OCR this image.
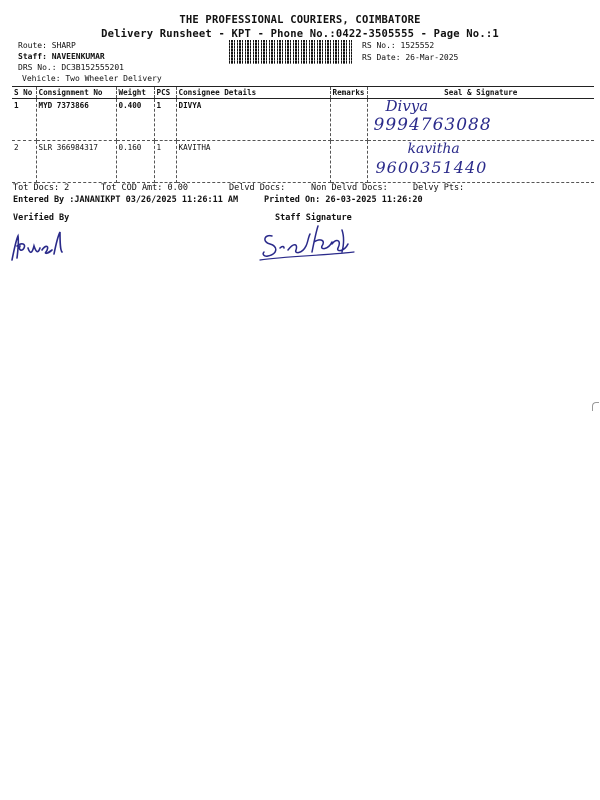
THE PROFESSIONAL COURIERS, COIMBATORE
Delivery Runsheet - KPT - Phone No.:0422-3505555 - Page No.:1
Route: SHARP
Staff: NAVEENKUMAR
DRS No.: DC3B152555201
Vehicle: Two Wheeler Delivery
RS No.: 1525552
RS Date: 26-Mar-2025
S No	Consignment No	Weight	PCS	Consignee Details	Remarks	Seal & Signature
1	MYD 7373866	0.400	1	DIVYA		Divya
9994763088

2	SLR 366984317	0.160	1	KAVITHA		kavitha
9600351440
Tot Docs: 2	Tot COD Amt: 0.00	Delvd Docs:	Non Delvd Docs:	Delvy Pts:
Entered By :JANANIKPT 03/26/2025 11:26:11 AM	Printed On: 26-03-2025 11:26:20
Verified By	Staff Signature
